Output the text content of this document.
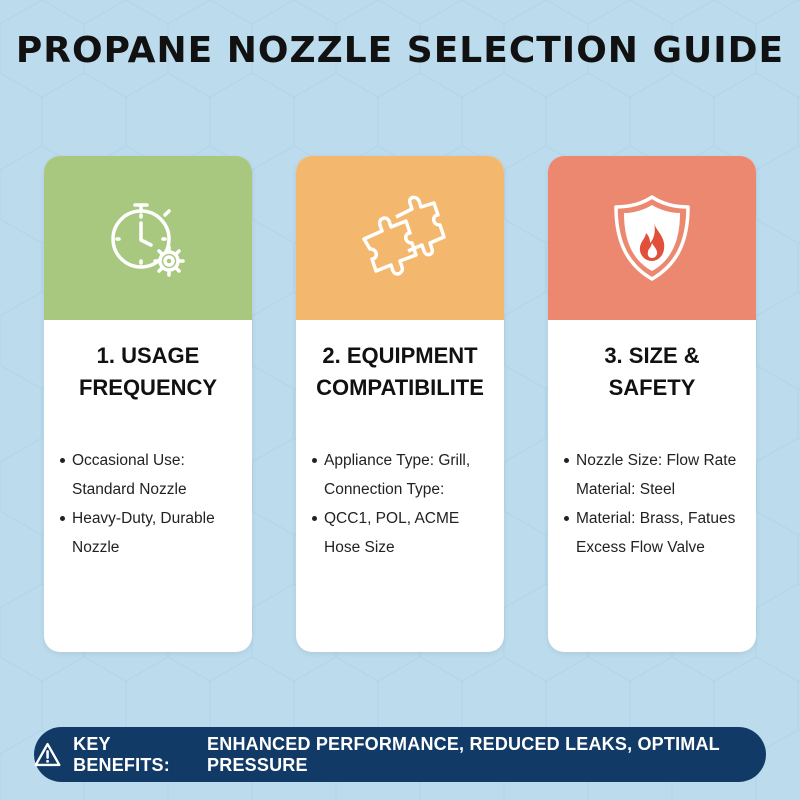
PROPANE NOZZLE SELECTION GUIDE
1. USAGE
FREQUENCY
Occasional Use: Standard Nozzle
Heavy-Duty, Durable Nozzle
2. EQUIPMENT
COMPATIBILITE
Appliance Type: Grill, Connection Type:
QCC1, POL, ACME Hose Size
3. SIZE &
SAFETY
Nozzle Size: Flow Rate Material: Steel
Material: Brass, Fatues Excess Flow Valve
KEY BENEFITS:
ENHANCED PERFORMANCE, REDUCED LEAKS, OPTIMAL PRESSURE
